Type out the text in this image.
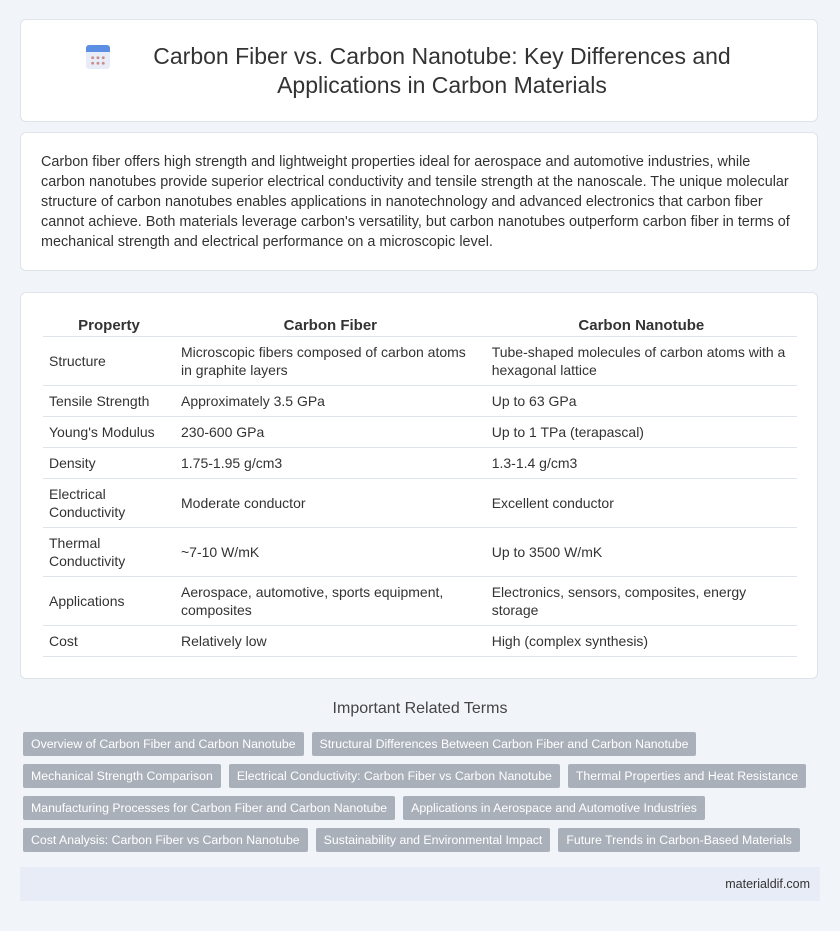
Carbon Fiber vs. Carbon Nanotube: Key Differences and Applications in Carbon Materials

Carbon fiber offers high strength and lightweight properties ideal for aerospace and automotive industries, while carbon nanotubes provide superior electrical conductivity and tensile strength at the nanoscale. The unique molecular structure of carbon nanotubes enables applications in nanotechnology and advanced electronics that carbon fiber cannot achieve. Both materials leverage carbon's versatility, but carbon nanotubes outperform carbon fiber in terms of mechanical strength and electrical performance on a microscopic level.

Property	Carbon Fiber	Carbon Nanotube
Structure	Microscopic fibers composed of carbon atoms in graphite layers	Tube-shaped molecules of carbon atoms with a hexagonal lattice
Tensile Strength	Approximately 3.5 GPa	Up to 63 GPa
Young's Modulus	230-600 GPa	Up to 1 TPa (terapascal)
Density	1.75-1.95 g/cm3	1.3-1.4 g/cm3
Electrical Conductivity	Moderate conductor	Excellent conductor
Thermal Conductivity	~7-10 W/mK	Up to 3500 W/mK
Applications	Aerospace, automotive, sports equipment, composites	Electronics, sensors, composites, energy storage
Cost	Relatively low	High (complex synthesis)
Important Related Terms
Overview of Carbon Fiber and Carbon Nanotube	Structural Differences Between Carbon Fiber and Carbon Nanotube
Mechanical Strength Comparison	Electrical Conductivity: Carbon Fiber vs Carbon Nanotube	Thermal Properties and Heat Resistance
Manufacturing Processes for Carbon Fiber and Carbon Nanotube	Applications in Aerospace and Automotive Industries
Cost Analysis: Carbon Fiber vs Carbon Nanotube	Sustainability and Environmental Impact	Future Trends in Carbon-Based Materials
materialdif.com
